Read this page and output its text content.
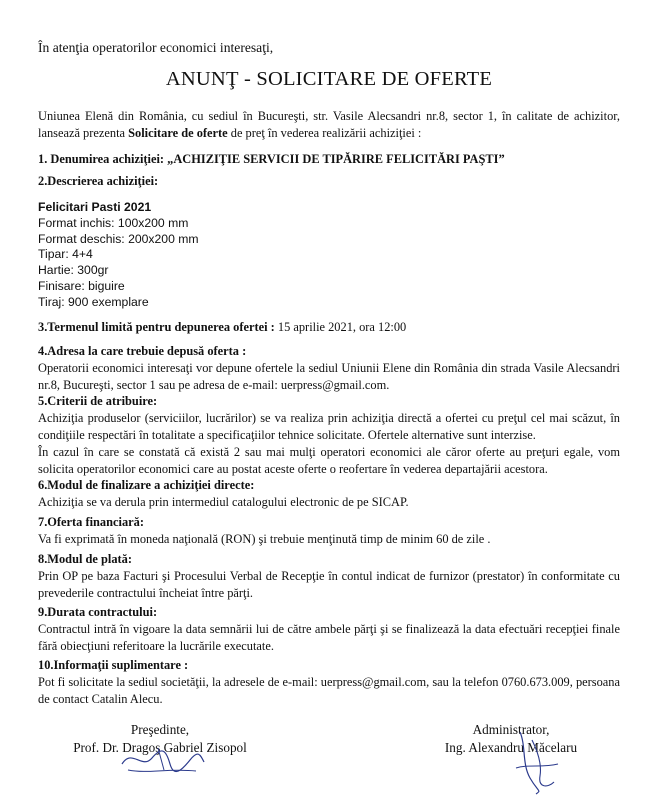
În atenţia operatorilor economici interesaţi,
ANUNŢ - SOLICITARE DE OFERTE
Uniunea Elenă din România, cu sediul în Bucureşti, str. Vasile Alecsandri nr.8, sector 1, în calitate de achizitor, lansează prezenta Solicitare de oferte de preţ în vederea realizării achiziţiei :
1. Denumirea achiziţiei: „ACHIZIŢIE SERVICII DE TIPĂRIRE FELICITĂRI PAŞTI”
2.Descrierea achiziţiei:
Felicitari Pasti 2021
Format inchis: 100x200 mm
Format deschis: 200x200 mm
Tipar: 4+4
Hartie: 300gr
Finisare: biguire
Tiraj: 900 exemplare
3.Termenul limită pentru depunerea ofertei : 15 aprilie 2021, ora 12:00
4.Adresa la care trebuie depusă oferta :
Operatorii economici interesaţi vor depune ofertele la sediul Uniunii Elene din România din strada Vasile Alecsandri nr.8, Bucureşti, sector 1 sau pe adresa de e-mail: uerpress@gmail.com.
5.Criterii de atribuire:
Achiziţia produselor (serviciilor, lucrărilor) se va realiza prin achiziţia directă a ofertei cu preţul cel mai scăzut, în condiţiile respectări în totalitate a specificaţiilor tehnice solicitate. Ofertele alternative sunt interzise.
În cazul în care se constată că există 2 sau mai mulţi operatori economici ale căror oferte au preţuri egale, vom solicita operatorilor economici care au postat aceste oferte o reofertare în vederea departajării acestora.
6.Modul de finalizare a achiziţiei directe:
Achiziţia se va derula prin intermediul catalogului electronic de pe SICAP.
7.Oferta financiară:
Va fi exprimată în moneda naţională (RON) şi trebuie menţinută timp de minim 60 de zile .
8.Modul de plată:
Prin OP pe baza Facturi şi Procesului Verbal de Recepţie în contul indicat de furnizor (prestator) în conformitate cu prevederile contractului încheiat între părţi.
9.Durata contractului:
Contractul intră în vigoare la data semnării lui de către ambele părţi şi se finalizează la data efectuări recepţiei finale fără obiecţiuni referitoare la lucrările executate.
10.Informaţii suplimentare :
Pot fi solicitate la sediul societăţii, la adresele de e-mail: uerpress@gmail.com, sau la telefon 0760.673.009, persoana de contact Catalin Alecu.
Preşedinte,
Prof. Dr. Dragoş Gabriel Zisopol
Administrator,
Ing. Alexandru Măcelaru
